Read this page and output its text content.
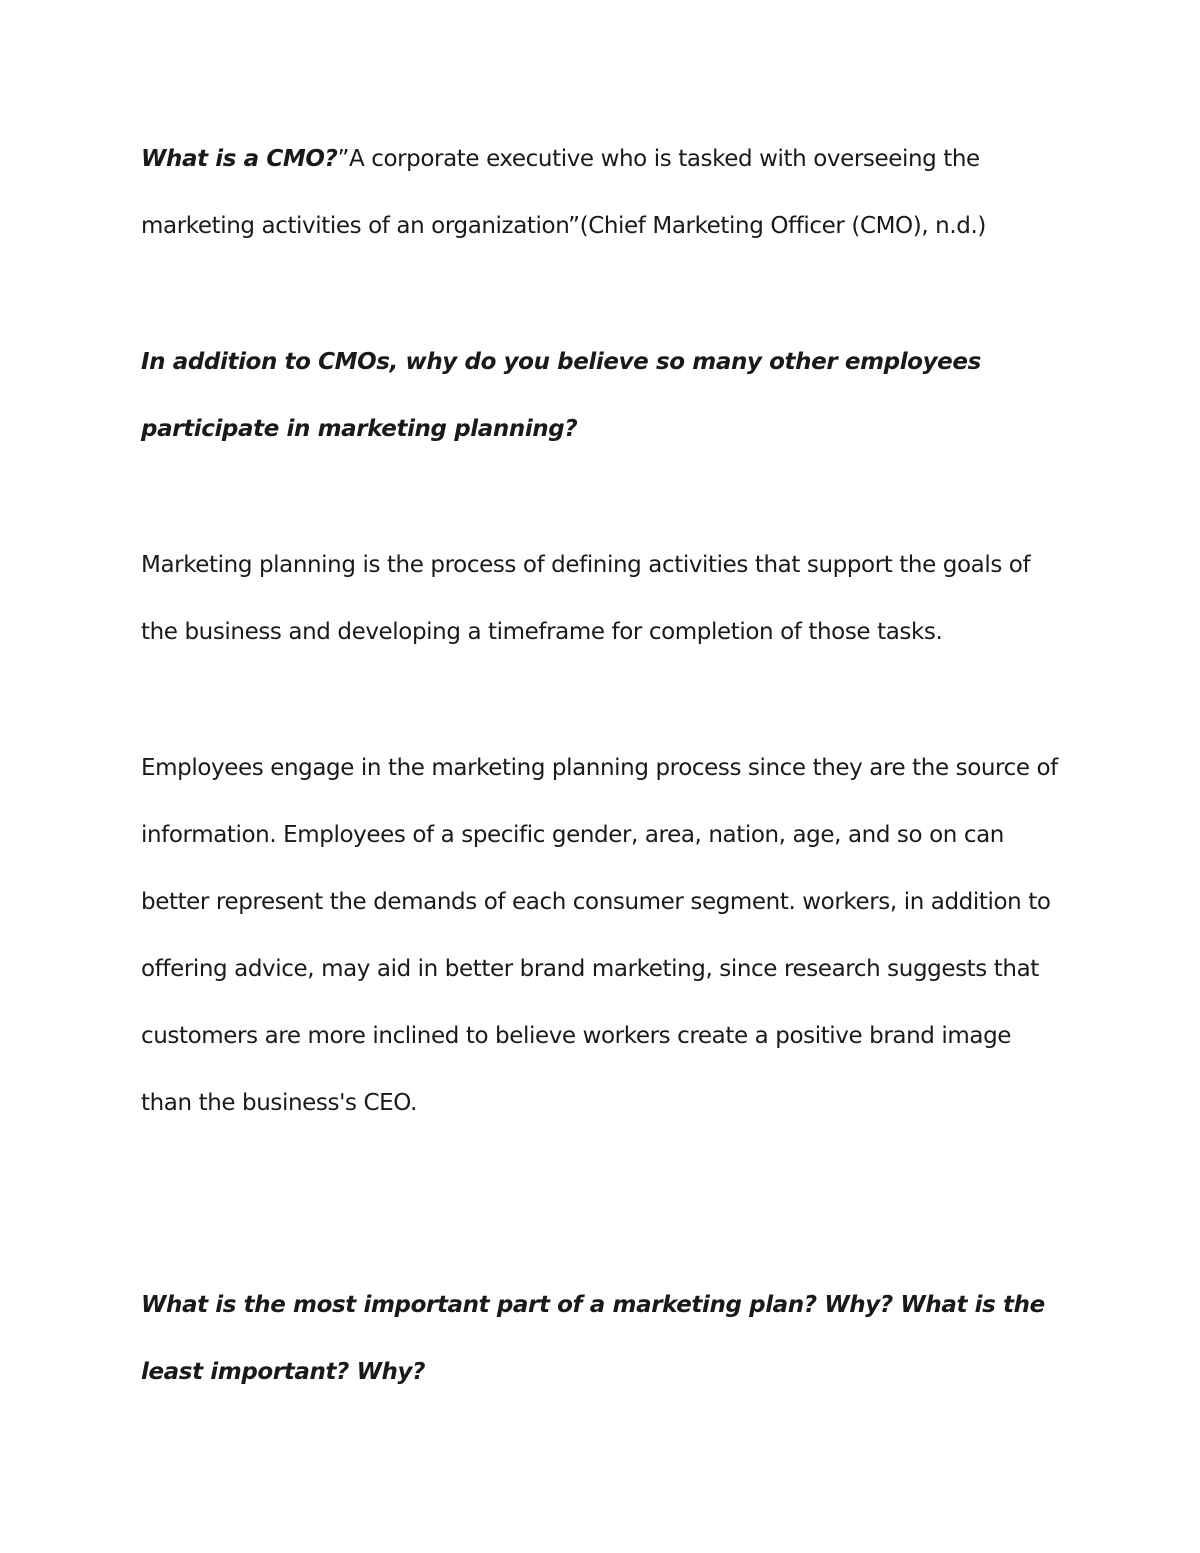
What is a CMO?”A corporate executive who is tasked with overseeing the marketing activities of an organization”(Chief Marketing Officer (CMO), n.d.)

In addition to CMOs, why do you believe so many other employees participate in marketing planning?

Marketing planning is the process of defining activities that support the goals of the business and developing a timeframe for completion of those tasks.

Employees engage in the marketing planning process since they are the source of information. Employees of a specific gender, area, nation, age, and so on can better represent the demands of each consumer segment. workers, in addition to offering advice, may aid in better brand marketing, since research suggests that customers are more inclined to believe workers create a positive brand image than the business's CEO.

What is the most important part of a marketing plan? Why? What is the least important? Why?
